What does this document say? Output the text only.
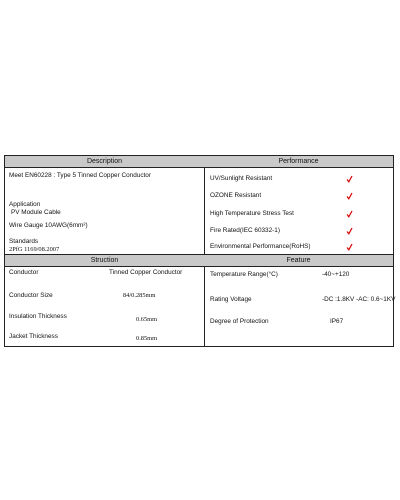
Description
Meet EN60228 : Type 5 Tinned Copper Conductor
Application
PV Module Cable
Wire Gauge 10AWG(6mm²)
Standards
2PfG 1169/08.2007
Struction
Conductor	Tinned Copper Conductor
Conductor Size	84/0.285mm
Insulation Thickness	0.65mm
Jacket Thickness	0.85mm
Performance
UV/Sunlight Resistant
OZONE Resistant
High Temperature Stress Test
Fire Rated(IEC 60332-1)
Environmental Performance(RoHS)
Feature
Temperature Range(°C)	-40~+120
Rating Voltage	-DC :1.8KV -AC: 0.6~1KV
Degree of Protection	IP67
